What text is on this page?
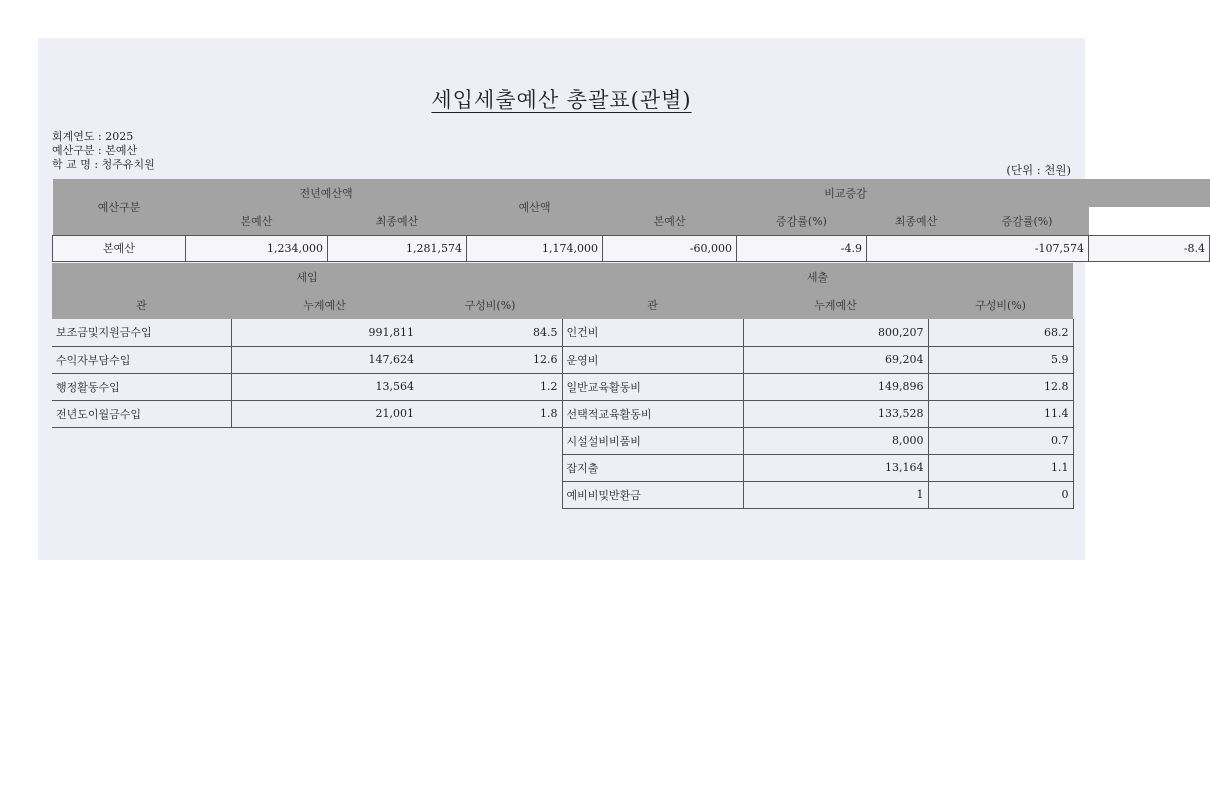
세입세출예산 총괄표(관별)
회계연도 : 2025
예산구분 : 본예산
학 교 명 : 청주유치원	(단위 : 천원)
예산구분	전년예산액		예산액	비교증감				
	본예산	최종예산		본예산	증감률(%)	최종예산	증감률(%)
본예산	1,234,000	1,281,574	1,174,000	-60,000	-4.9	-107,574		-8.4
세입			세출		
관	누계예산	구성비(%)	관	누계예산	구성비(%)
보조금및지원금수입	991,811	84.5	인건비	800,207	68.2
수익자부담수입	147,624	12.6	운영비	69,204	5.9
행정활동수입	13,564	1.2	일반교육활동비	149,896	12.8
전년도이월금수입	21,001	1.8	선택적교육활동비	133,528	11.4
			시설설비비품비	8,000	0.7
			잡지출	13,164	1.1
			예비비및반환금	1	0
